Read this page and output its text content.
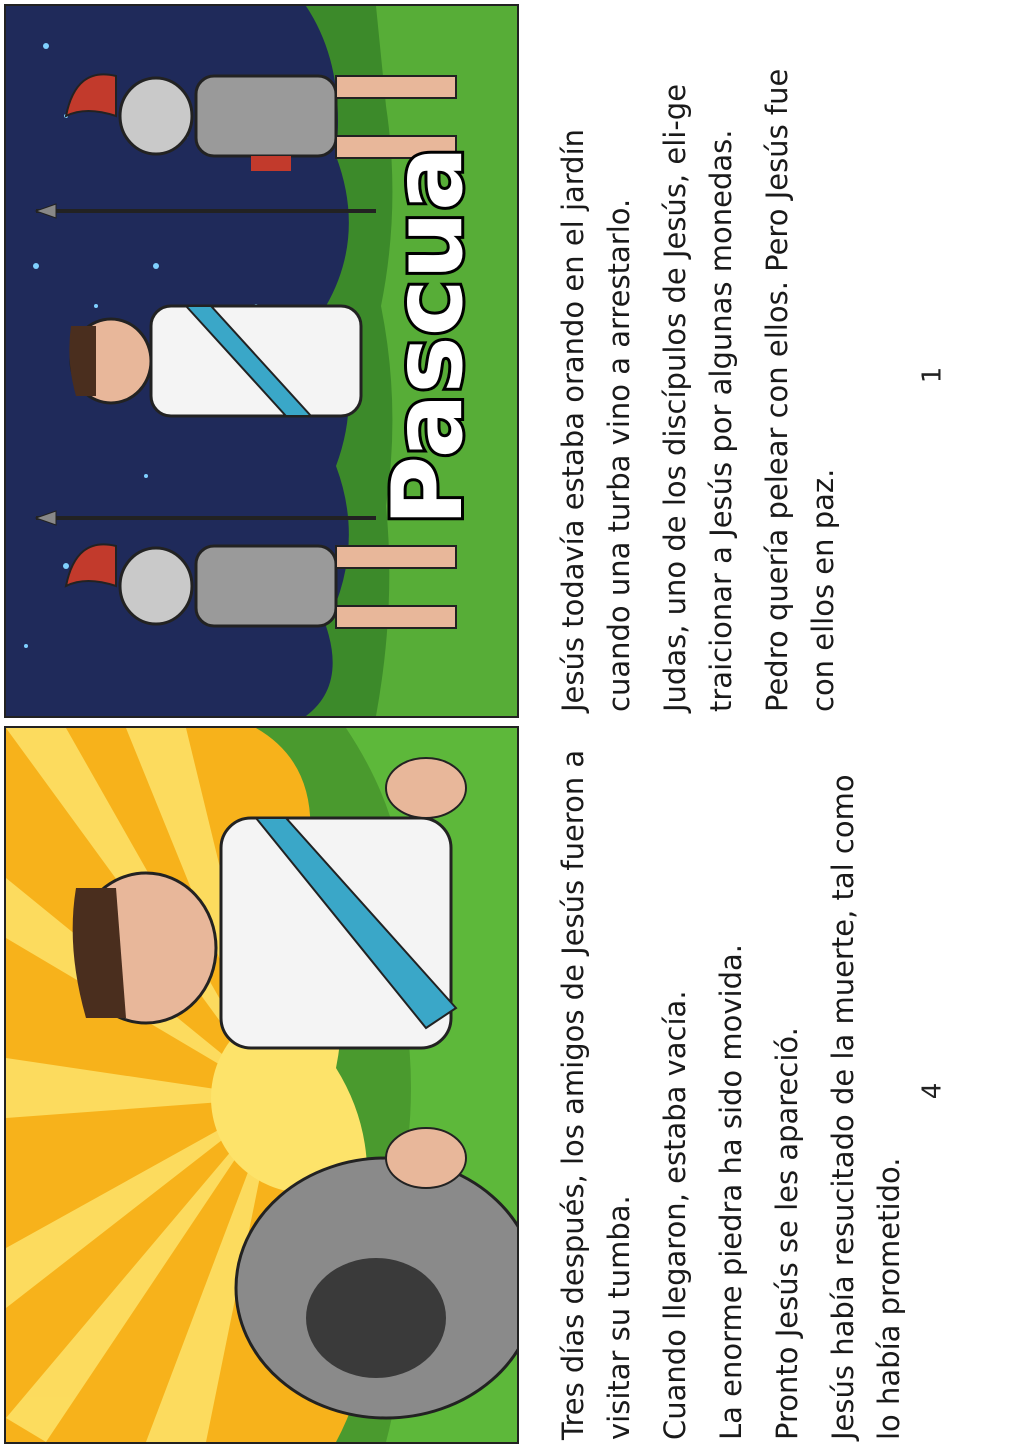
Pascua Jesús todavía estaba orando en el jardín cuando una turba vino a arrestarlo. Judas, uno de los discípulos de Jesús, eli-ge traicionar a Jesús por algunas monedas. Pedro quería pelear con ellos. Pero Jesús fue con ellos en paz.

1

Tres días después, los amigos de Jesús fueron a visitar su tumba. Cuando llegaron, estaba vacía. La enorme piedra ha sido movida. Pronto Jesús se les apareció. Jesús había resucitado de la muerte, tal como lo había prometido.

4
